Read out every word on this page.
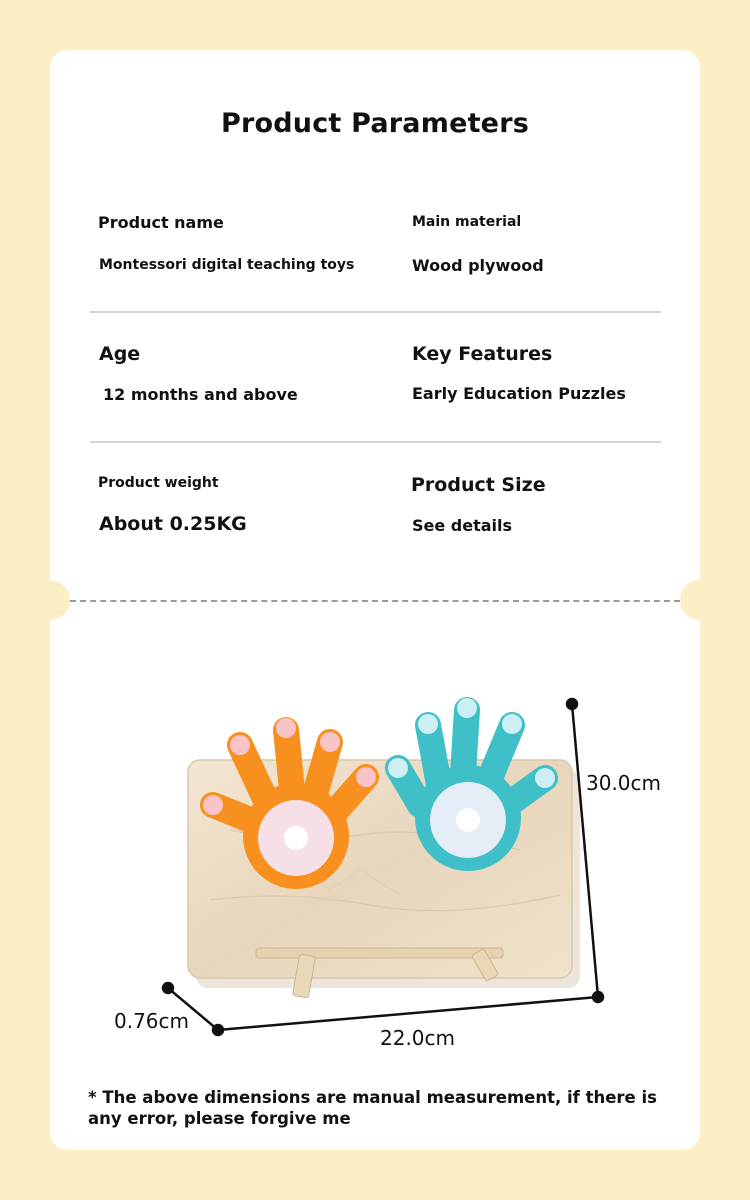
Product Parameters
Product name
Montessori digital teaching toys
Main material
Wood plywood
Age
12 months and above
Key Features
Early Education Puzzles
Product weight
About 0.25KG
Product Size
See details
30.0cm
22.0cm
0.76cm
* The above dimensions are manual measurement, if there is any error, please forgive me
